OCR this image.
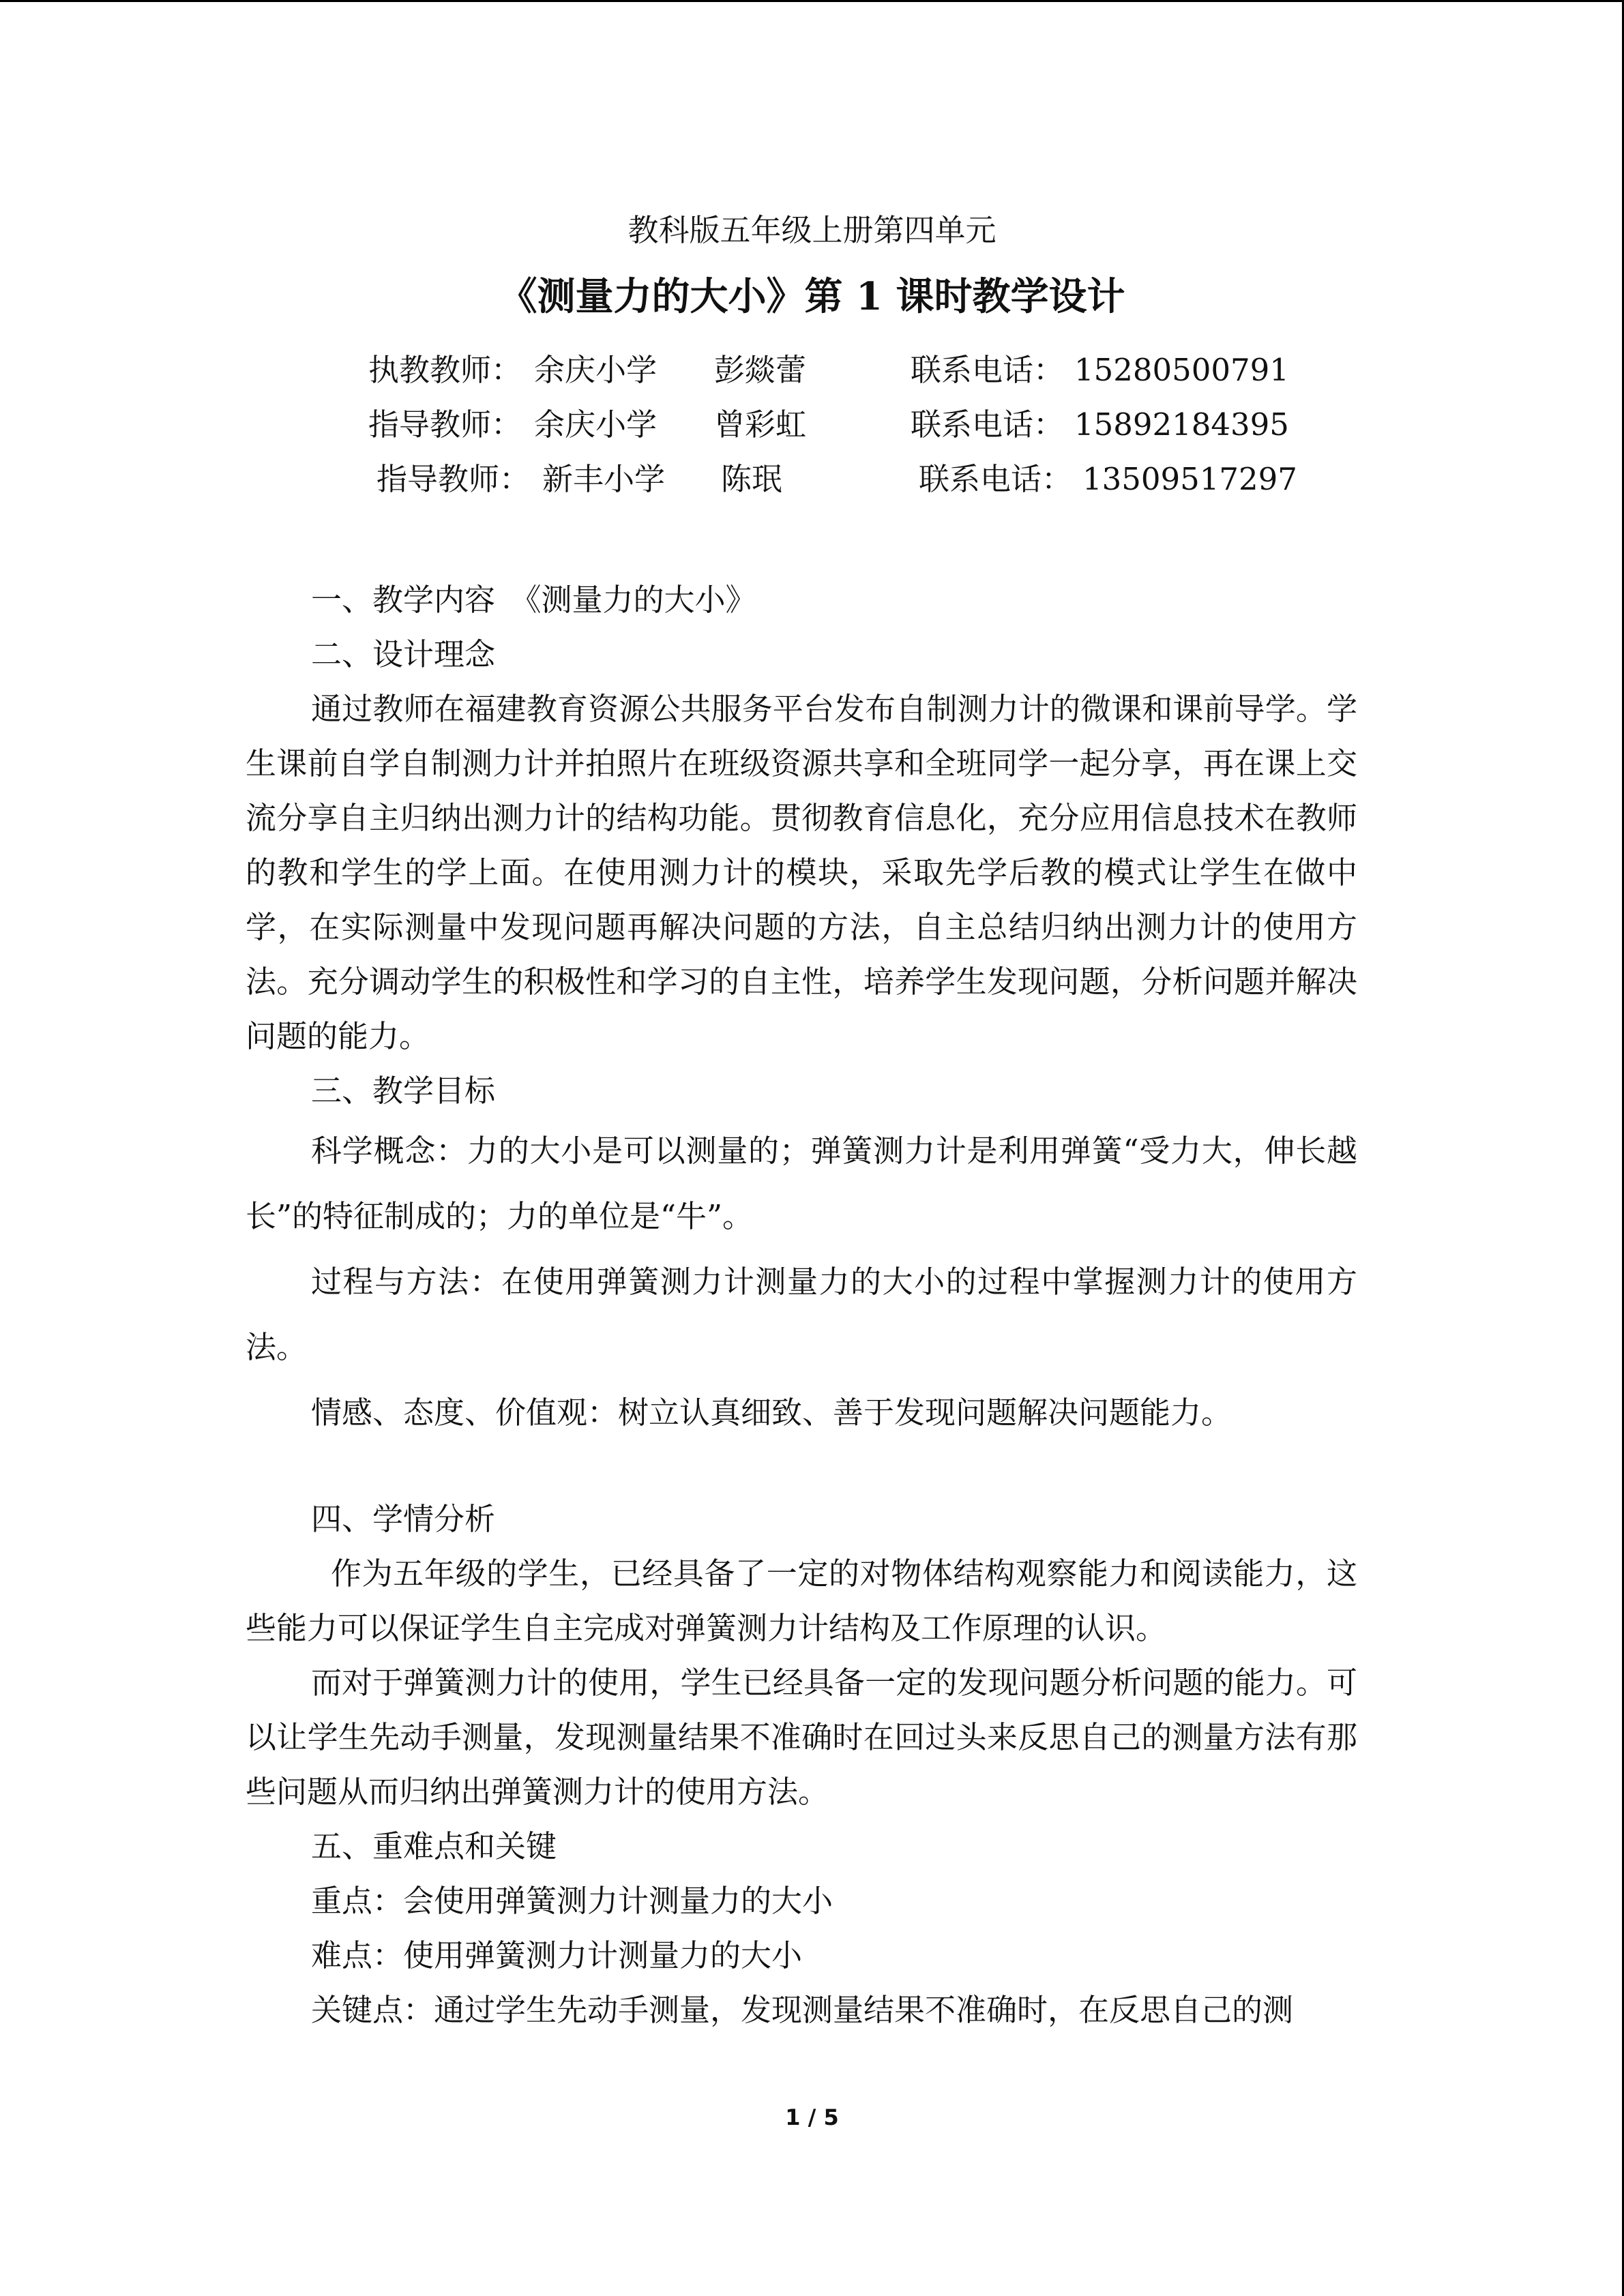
教科版五年级上册第四单元
《测量力的大小》第 1 课时教学设计
执教教师： 余庆小学 彭燚蕾	联系电话： 15280500791
指导教师： 余庆小学 曾彩虹	联系电话： 15892184395
指导教师： 新丰小学 陈珉	联系电话： 13509517297

一、教学内容　《测量力的大小》

二、设计理念

通过教师在福建教育资源公共服务平台发布自制测力计的微课和课前导学。学生课前自学自制测力计并拍照片在班级资源共享和全班同学一起分享，再在课上交流分享自主归纳出测力计的结构功能。贯彻教育信息化，充分应用信息技术在教师的教和学生的学上面。在使用测力计的模块，采取先学后教的模式让学生在做中学，在实际测量中发现问题再解决问题的方法，自主总结归纳出测力计的使用方法。充分调动学生的积极性和学习的自主性，培养学生发现问题，分析问题并解决问题的能力。

三、教学目标

科学概念：力的大小是可以测量的；弹簧测力计是利用弹簧“受力大，伸长越长”的特征制成的；力的单位是“牛”。

过程与方法：在使用弹簧测力计测量力的大小的过程中掌握测力计的使用方法。

情感、态度、价值观：树立认真细致、善于发现问题解决问题能力。

四、学情分析

作为五年级的学生，已经具备了一定的对物体结构观察能力和阅读能力，这些能力可以保证学生自主完成对弹簧测力计结构及工作原理的认识。

而对于弹簧测力计的使用，学生已经具备一定的发现问题分析问题的能力。可以让学生先动手测量，发现测量结果不准确时在回过头来反思自己的测量方法有那些问题从而归纳出弹簧测力计的使用方法。

五、重难点和关键

重点：会使用弹簧测力计测量力的大小

难点：使用弹簧测力计测量力的大小

关键点：通过学生先动手测量，发现测量结果不准确时，在反思自己的测

1 / 5
